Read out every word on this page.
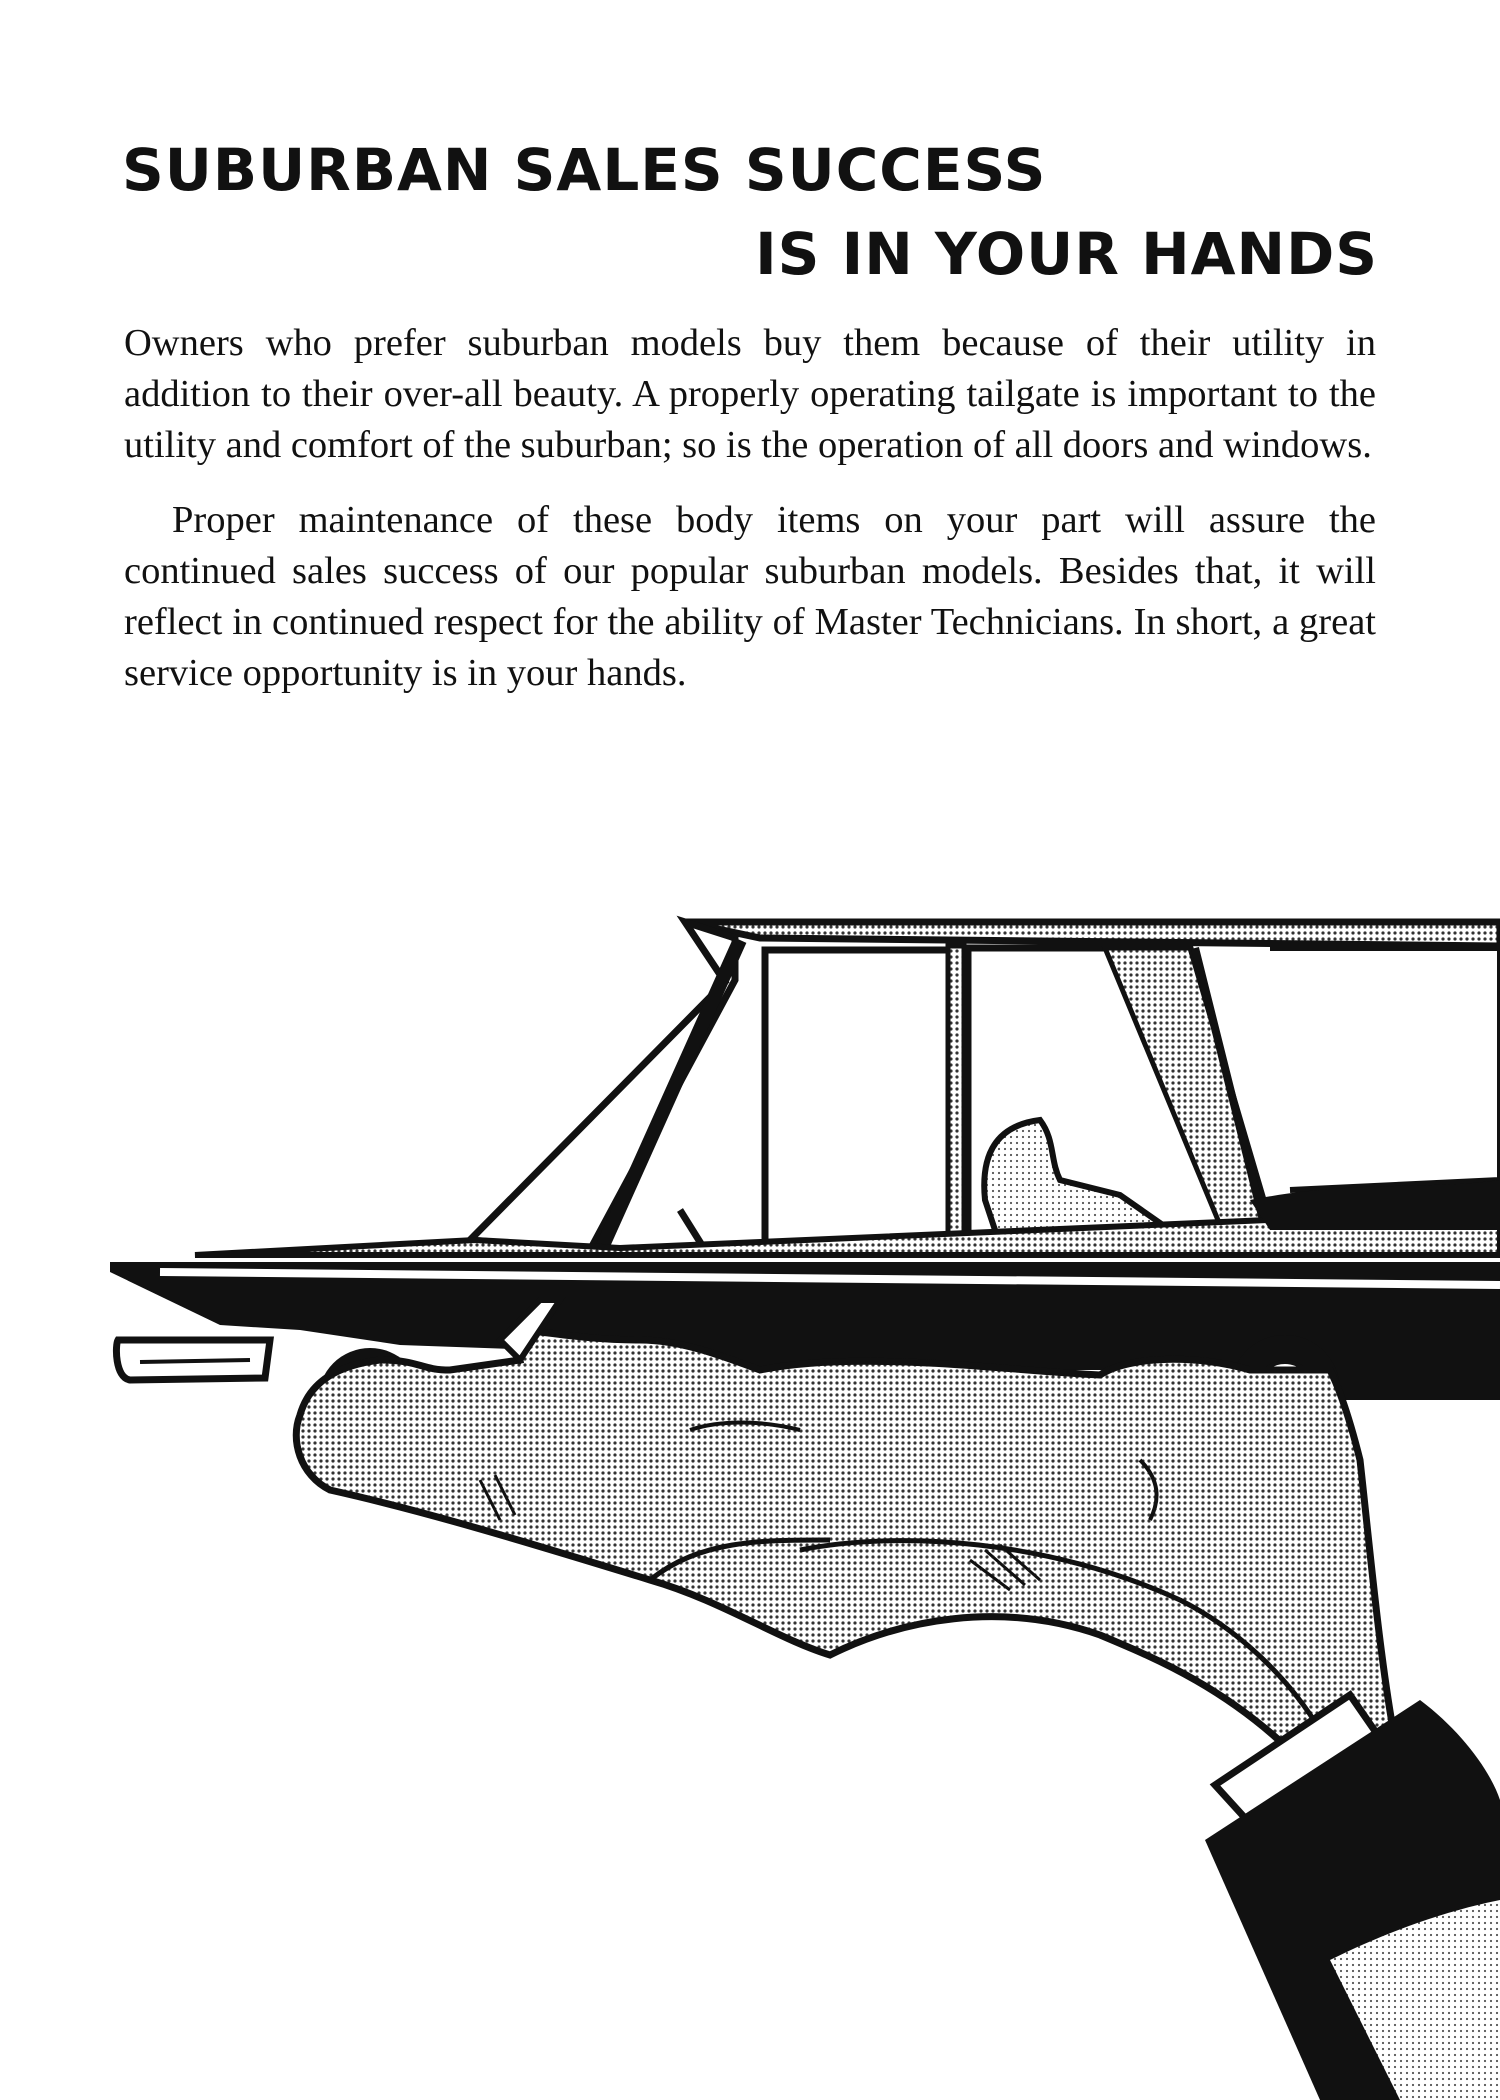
SUBURBAN SALES SUCCESS
IS IN YOUR HANDS

Owners who prefer suburban models buy them because of their utility in addition to their over-all beauty. A properly operating tailgate is important to the utility and comfort of the suburban; so is the operation of all doors and windows.

Proper maintenance of these body items on your part will assure the continued sales success of our popular suburban models. Besides that, it will reflect in continued respect for the ability of Master Technicians. In short, a great service opportunity is in your hands.
